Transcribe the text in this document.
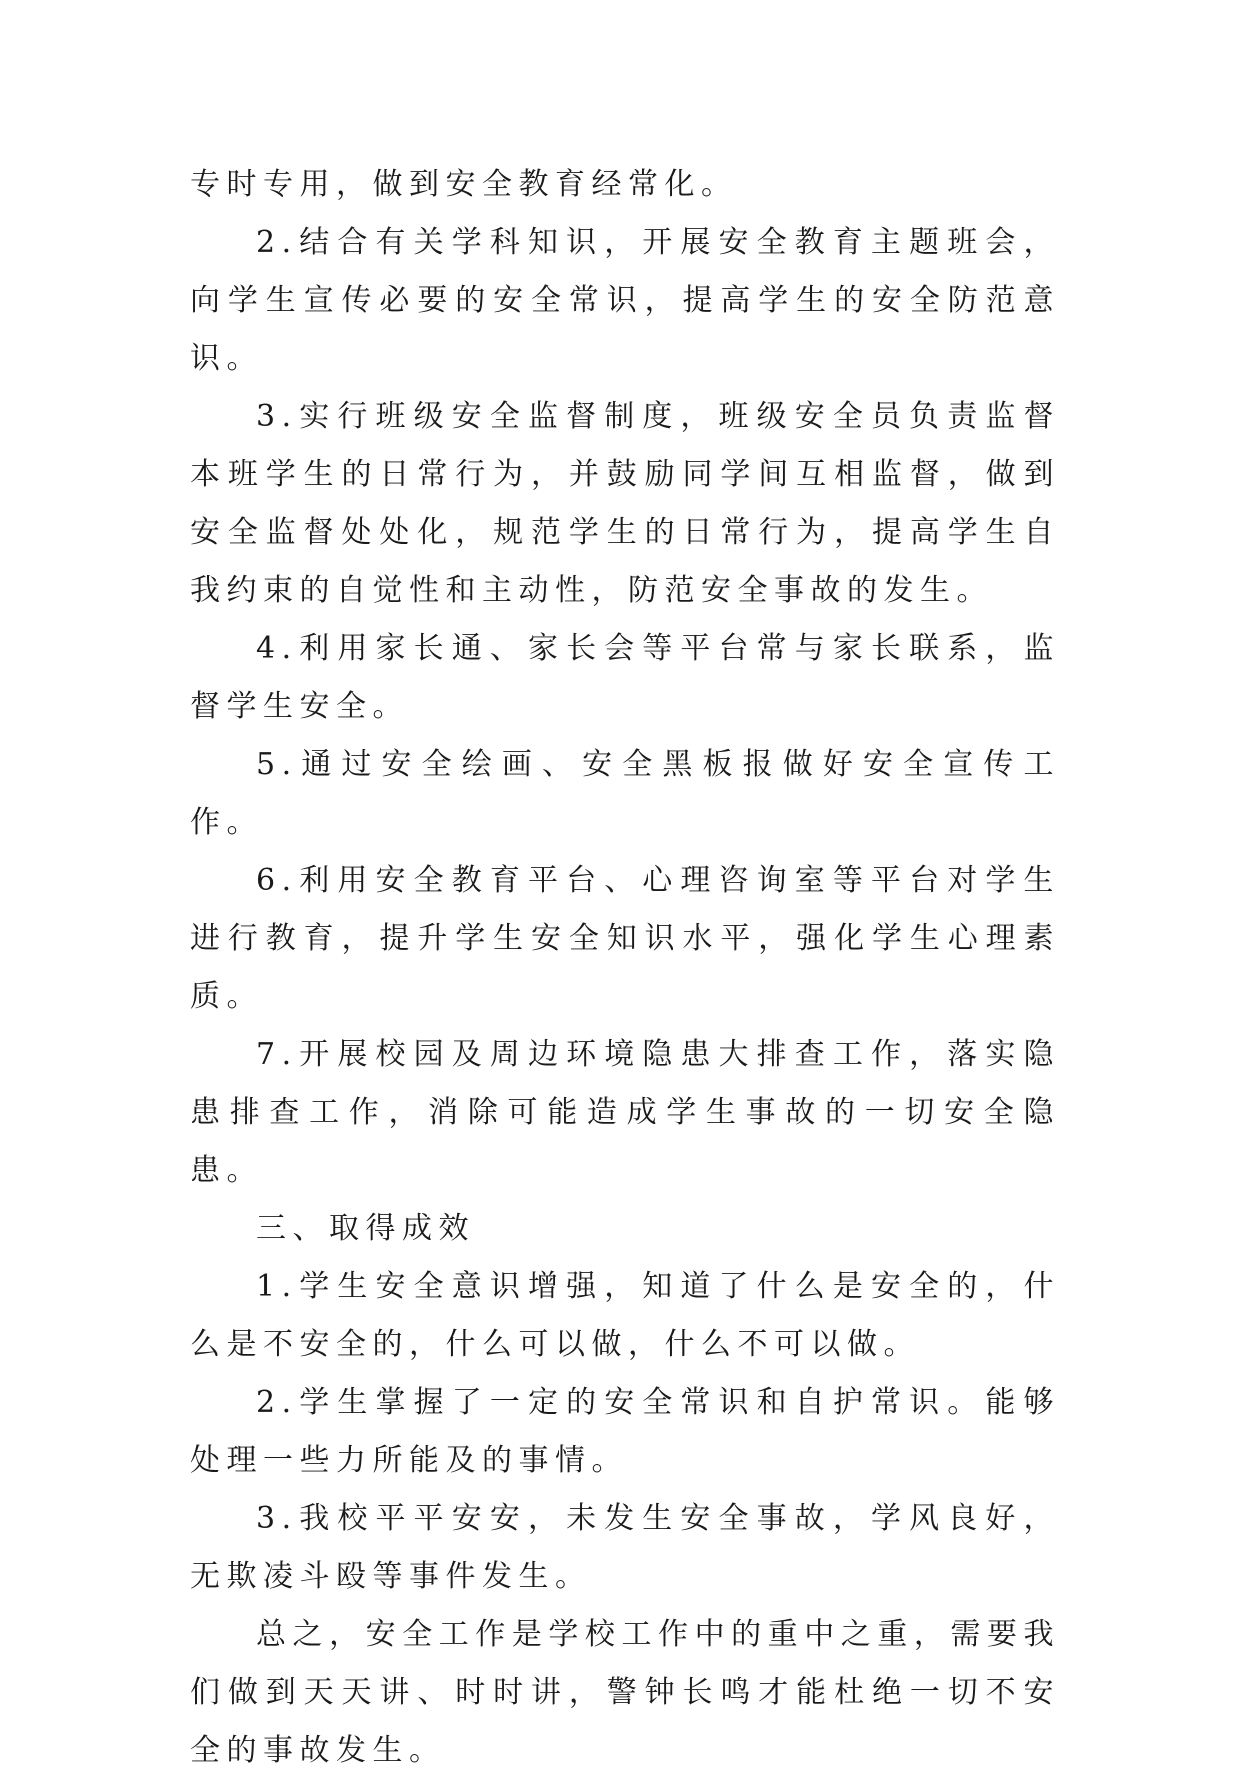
专时专用，做到安全教育经常化。

2.结合有关学科知识，开展安全教育主题班会，向学生宣传必要的安全常识，提高学生的安全防范意识。

3.实行班级安全监督制度，班级安全员负责监督本班学生的日常行为，并鼓励同学间互相监督，做到安全监督处处化，规范学生的日常行为，提高学生自我约束的自觉性和主动性，防范安全事故的发生。

4.利用家长通、家长会等平台常与家长联系，监督学生安全。

5.通过安全绘画、安全黑板报做好安全宣传工作。

6.利用安全教育平台、心理咨询室等平台对学生进行教育，提升学生安全知识水平，强化学生心理素质。

7.开展校园及周边环境隐患大排查工作，落实隐患排查工作，消除可能造成学生事故的一切安全隐患。

三、取得成效

1.学生安全意识增强，知道了什么是安全的，什么是不安全的，什么可以做，什么不可以做。

2.学生掌握了一定的安全常识和自护常识。能够处理一些力所能及的事情。

3.我校平平安安，未发生安全事故，学风良好，无欺凌斗殴等事件发生。

总之，安全工作是学校工作中的重中之重，需要我们做到天天讲、时时讲，警钟长鸣才能杜绝一切不安全的事故发生。
